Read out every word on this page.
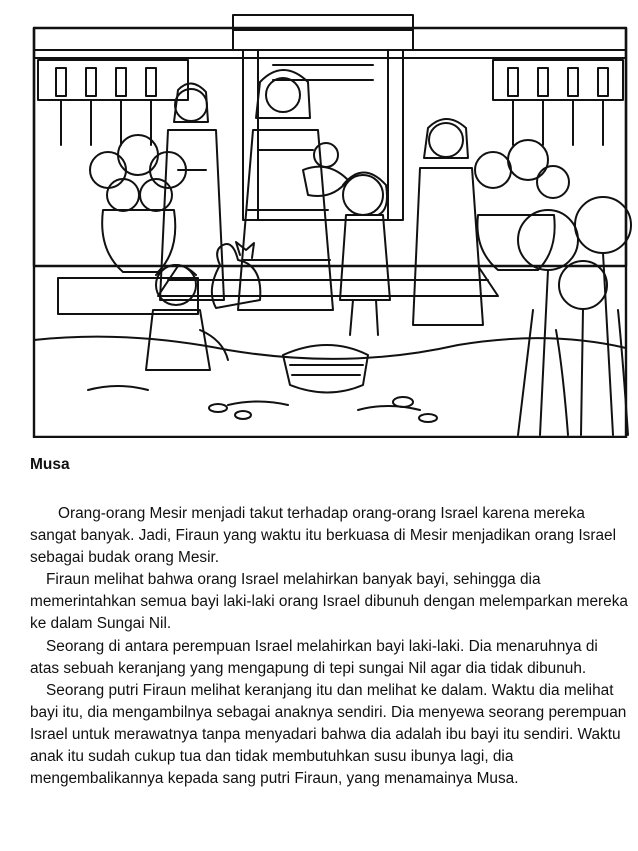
Musa

Orang-orang Mesir menjadi takut terhadap orang-orang Israel karena mereka sangat banyak. Jadi, Firaun yang waktu itu berkuasa di Mesir menjadikan orang Israel sebagai budak orang Mesir.

Firaun melihat bahwa orang Israel melahirkan banyak bayi, sehingga dia memerintahkan semua bayi laki-laki orang Israel dibunuh dengan melemparkan mereka ke dalam Sungai Nil.

Seorang di antara perempuan Israel melahirkan bayi laki-laki. Dia menaruhnya di atas sebuah keranjang yang mengapung di tepi sungai Nil agar dia tidak dibunuh.

Seorang putri Firaun melihat keranjang itu dan melihat ke dalam. Waktu dia melihat bayi itu, dia mengambilnya sebagai anaknya sendiri. Dia menyewa seorang perempuan Israel untuk merawatnya tanpa menyadari bahwa dia adalah ibu bayi itu sendiri. Waktu anak itu sudah cukup tua dan tidak membutuhkan susu ibunya lagi, dia mengembalikannya kepada sang putri Firaun, yang menamainya Musa.
